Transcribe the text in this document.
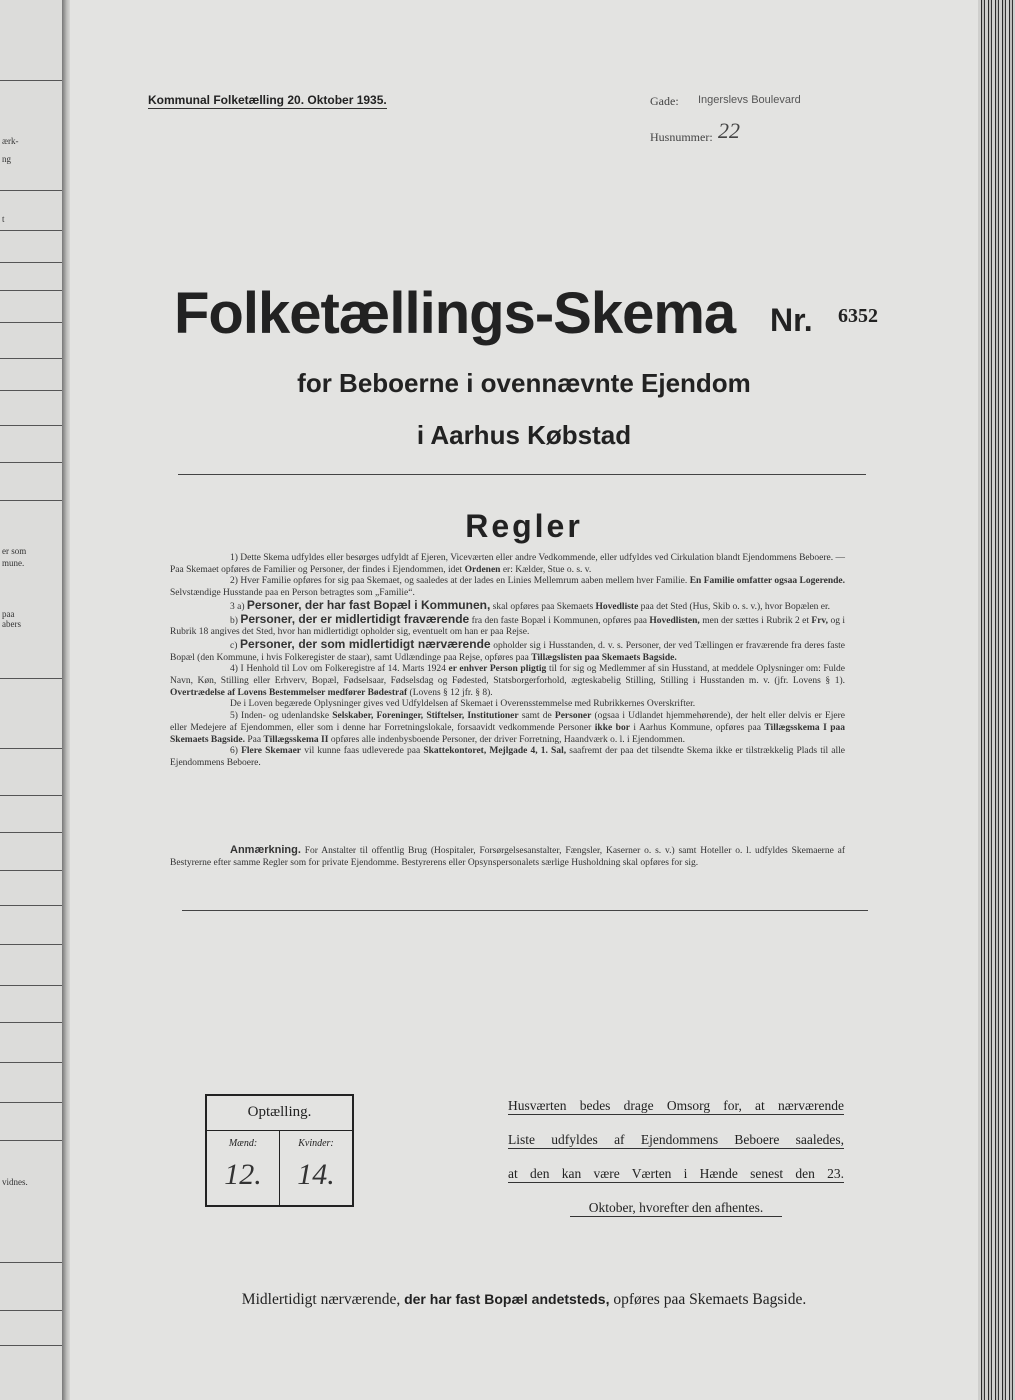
ærk-
ng
t
er som
mune.
paa
abers
vidnes.
Kommunal Folketælling 20. Oktober 1935.	Gade: Ingerslevs Boulevard
Husnummer: 22
Folketællings-Skema Nr. 6352
for Beboerne i ovennævnte Ejendom
i Aarhus Købstad
Regler

1) Dette Skema udfyldes eller besørges udfyldt af Ejeren, Viceværten eller andre Vedkommende, eller udfyldes ved Cirkulation blandt Ejendommens Beboere. — Paa Skemaet opføres de Familier og Personer, der findes i Ejendommen, idet Ordenen er: Kælder, Stue o. s. v.

2) Hver Familie opføres for sig paa Skemaet, og saaledes at der lades en Linies Mellemrum aaben mellem hver Familie. En Familie omfatter ogsaa Logerende. Selvstændige Husstande paa en Person betragtes som „Familie“.

3 a) Personer, der har fast Bopæl i Kommunen, skal opføres paa Skemaets Hovedliste paa det Sted (Hus, Skib o. s. v.), hvor Bopælen er.

b) Personer, der er midlertidigt fraværende fra den faste Bopæl i Kommunen, opføres paa Hovedlisten, men der sættes i Rubrik 2 et Frv, og i Rubrik 18 angives det Sted, hvor han midlertidigt opholder sig, eventuelt om han er paa Rejse.

c) Personer, der som midlertidigt nærværende opholder sig i Husstanden, d. v. s. Personer, der ved Tællingen er fraværende fra deres faste Bopæl (den Kommune, i hvis Folkeregister de staar), samt Udlændinge paa Rejse, opføres paa Tillægslisten paa Skemaets Bagside.

4) I Henhold til Lov om Folkeregistre af 14. Marts 1924 er enhver Person pligtig til for sig og Medlemmer af sin Husstand, at meddele Oplysninger om: Fulde Navn, Køn, Stilling eller Erhverv, Bopæl, Fødselsaar, Fødselsdag og Fødested, Statsborgerforhold, ægteskabelig Stilling, Stilling i Husstanden m. v. (jfr. Lovens § 1). Overtrædelse af Lovens Bestemmelser medfører Bødestraf (Lovens § 12 jfr. § 8).

De i Loven begærede Oplysninger gives ved Udfyldelsen af Skemaet i Overensstemmelse med Rubrikkernes Overskrifter.

5) Inden- og udenlandske Selskaber, Foreninger, Stiftelser, Institutioner samt de Personer (ogsaa i Udlandet hjemmehørende), der helt eller delvis er Ejere eller Medejere af Ejendommen, eller som i denne har Forretningslokale, forsaavidt vedkommende Personer ikke bor i Aarhus Kommune, opføres paa Tillægsskema I paa Skemaets Bagside. Paa Tillægsskema II opføres alle indenbysboende Personer, der driver Forretning, Haandværk o. l. i Ejendommen.

6) Flere Skemaer vil kunne faas udleverede paa Skattekontoret, Mejlgade 4, 1. Sal, saafremt der paa det tilsendte Skema ikke er tilstrækkelig Plads til alle Ejendommens Beboere.

Anmærkning. For Anstalter til offentlig Brug (Hospitaler, Forsørgelsesanstalter, Fængsler, Kaserner o. s. v.) samt Hoteller o. l. udfyldes Skemaerne af Bestyrerne efter samme Regler som for private Ejendomme. Bestyrerens eller Opsynspersonalets særlige Husholdning skal opføres for sig.

Optælling.
Mænd:	Kvinder:
12.	14.
Husværten bedes drage Omsorg for, at nærværende
Liste udfyldes af Ejendommens Beboere saaledes,
at den kan være Værten i Hænde senest den 23.
Oktober, hvorefter den afhentes.
Midlertidigt nærværende, der har fast Bopæl andetsteds, opføres paa Skemaets Bagside.
